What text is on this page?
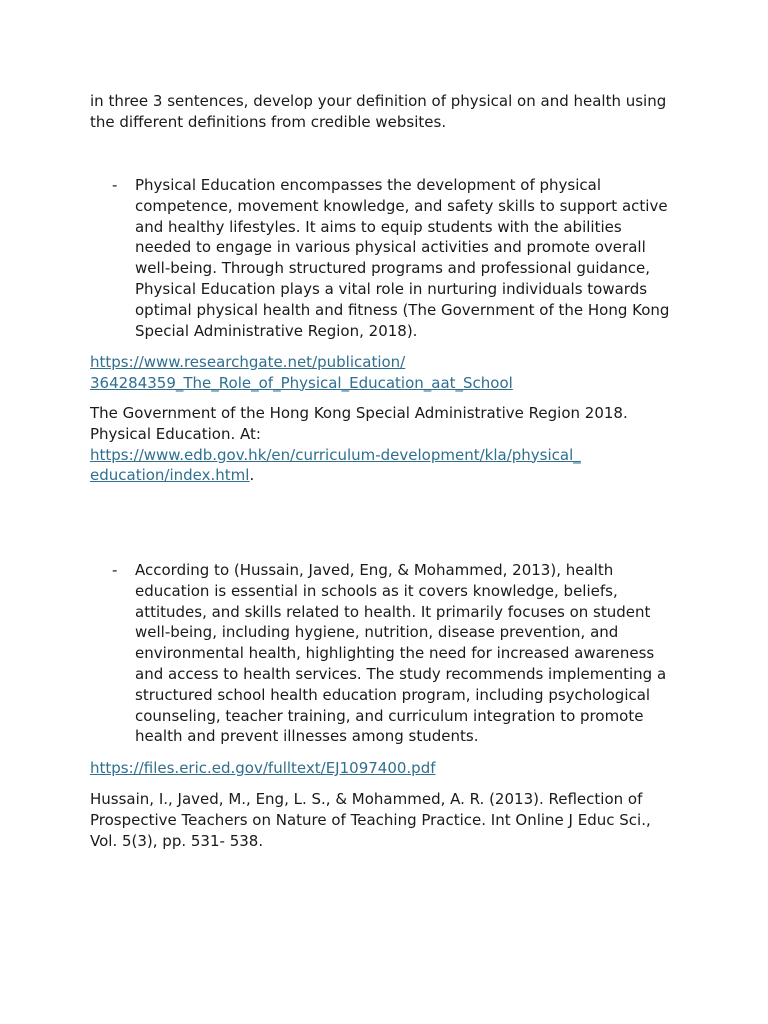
in three 3 sentences, develop your definition of physical on and health using
the different definitions from credible websites.

- Physical Education encompasses the development of physical
competence, movement knowledge, and safety skills to support active
and healthy lifestyles. It aims to equip students with the abilities
needed to engage in various physical activities and promote overall
well-being. Through structured programs and professional guidance,
Physical Education plays a vital role in nurturing individuals towards
optimal physical health and fitness (The Government of the Hong Kong
Special Administrative Region, 2018).

https://www.researchgate.net/publication/
364284359_The_Role_of_Physical_Education_aat_School

The Government of the Hong Kong Special Administrative Region 2018.
Physical Education. At:
https://www.edb.gov.hk/en/curriculum-development/kla/physical_
education/index.html.

- According to (Hussain, Javed, Eng, & Mohammed, 2013), health
education is essential in schools as it covers knowledge, beliefs,
attitudes, and skills related to health. It primarily focuses on student
well-being, including hygiene, nutrition, disease prevention, and
environmental health, highlighting the need for increased awareness
and access to health services. The study recommends implementing a
structured school health education program, including psychological
counseling, teacher training, and curriculum integration to promote
health and prevent illnesses among students.

https://files.eric.ed.gov/fulltext/EJ1097400.pdf

Hussain, I., Javed, M., Eng, L. S., & Mohammed, A. R. (2013). Reflection of
Prospective Teachers on Nature of Teaching Practice. Int Online J Educ Sci.,
Vol. 5(3), pp. 531- 538.
